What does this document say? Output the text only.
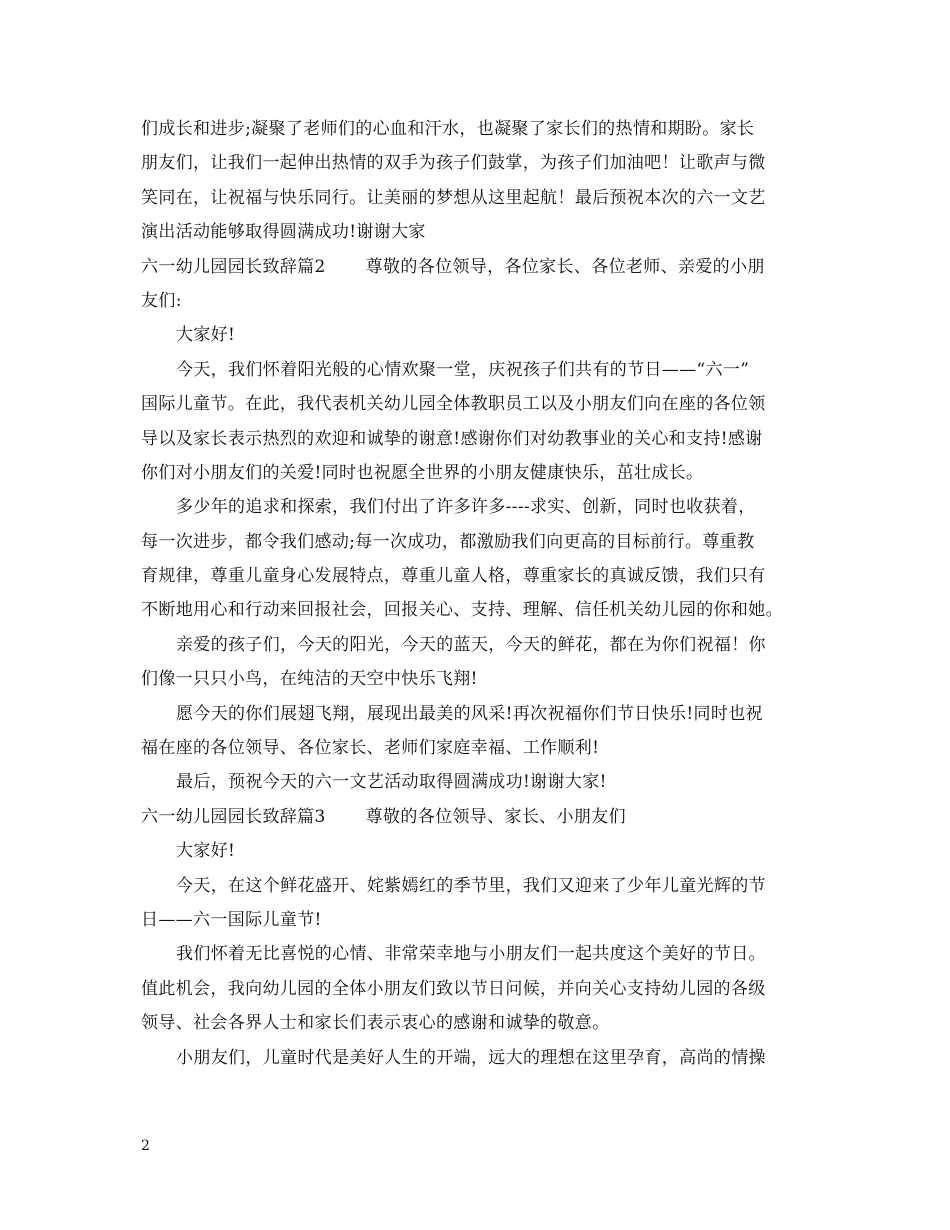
们成长和进步;凝聚了老师们的心血和汗水，也凝聚了家长们的热情和期盼。家长
朋友们，让我们一起伸出热情的双手为孩子们鼓掌，为孩子们加油吧！让歌声与微
笑同在，让祝福与快乐同行。让美丽的梦想从这里起航！最后预祝本次的六一文艺
演出活动能够取得圆满成功!谢谢大家
六一幼儿园园长致辞篇2 尊敬的各位领导，各位家长、各位老师、亲爱的小朋
友们:
大家好!
今天，我们怀着阳光般的心情欢聚一堂，庆祝孩子们共有的节日——“六一”
国际儿童节。在此，我代表机关幼儿园全体教职员工以及小朋友们向在座的各位领
导以及家长表示热烈的欢迎和诚挚的谢意!感谢你们对幼教事业的关心和支持!感谢
你们对小朋友们的关爱!同时也祝愿全世界的小朋友健康快乐，茁壮成长。
多少年的追求和探索，我们付出了许多许多----求实、创新，同时也收获着，
每一次进步，都令我们感动;每一次成功，都激励我们向更高的目标前行。尊重教
育规律，尊重儿童身心发展特点，尊重儿童人格，尊重家长的真诚反馈，我们只有
不断地用心和行动来回报社会，回报关心、支持、理解、信任机关幼儿园的你和她。
亲爱的孩子们，今天的阳光，今天的蓝天，今天的鲜花，都在为你们祝福！你
们像一只只小鸟，在纯洁的天空中快乐飞翔!
愿今天的你们展翅飞翔，展现出最美的风采!再次祝福你们节日快乐!同时也祝
福在座的各位领导、各位家长、老师们家庭幸福、工作顺利!
最后，预祝今天的六一文艺活动取得圆满成功!谢谢大家!
六一幼儿园园长致辞篇3 尊敬的各位领导、家长、小朋友们
大家好!
今天，在这个鲜花盛开、姹紫嫣红的季节里，我们又迎来了少年儿童光辉的节
日——六一国际儿童节!
我们怀着无比喜悦的心情、非常荣幸地与小朋友们一起共度这个美好的节日。
值此机会，我向幼儿园的全体小朋友们致以节日问候，并向关心支持幼儿园的各级
领导、社会各界人士和家长们表示衷心的感谢和诚挚的敬意。
小朋友们，儿童时代是美好人生的开端，远大的理想在这里孕育，高尚的情操
2
